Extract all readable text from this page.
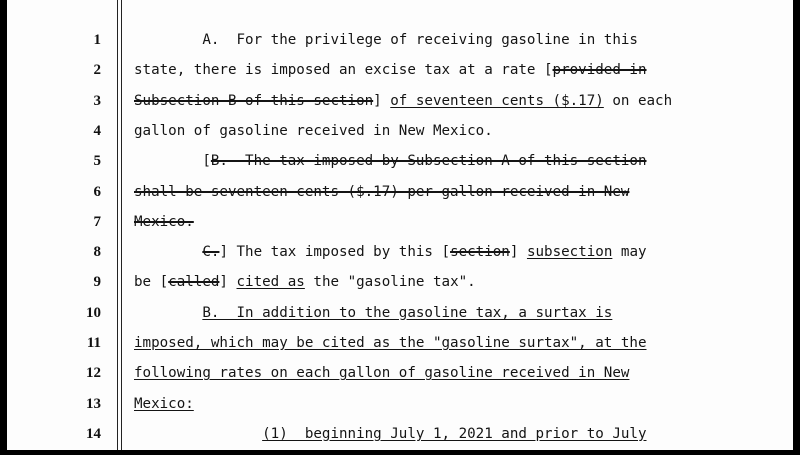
1 A.  For the privilege of receiving gasoline in this
2 state, there is imposed an excise tax at a rate [provided in
3 Subsection B of this section] of seventeen cents ($.17) on each
4 gallon of gasoline received in New Mexico.
5 [B.  The tax imposed by Subsection A of this section
6 shall be seventeen cents ($.17) per gallon received in New
7 Mexico.
8	C.] The tax imposed by this [section] subsection may
9 be [called] cited as the "gasoline tax".
10	B.  In addition to the gasoline tax, a surtax is
11 imposed, which may be cited as the "gasoline surtax", at the
12 following rates on each gallon of gasoline received in New
13 Mexico:
14	(1)  beginning July 1, 2021 and prior to July
